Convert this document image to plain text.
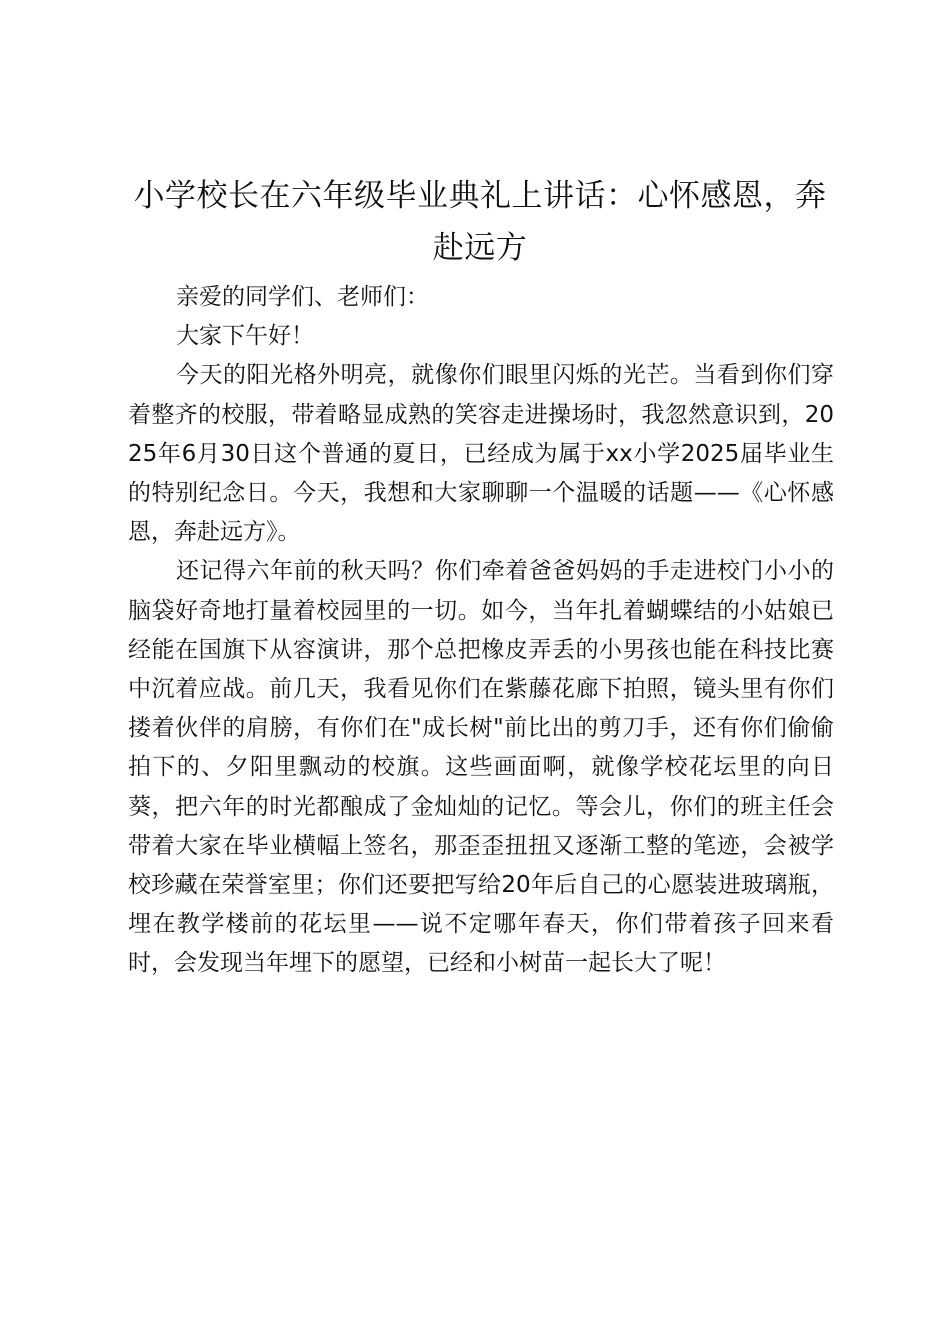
小学校长在六年级毕业典礼上讲话：心怀感恩，奔赴远方

亲爱的同学们、老师们：

大家下午好！

今天的阳光格外明亮，就像你们眼里闪烁的光芒。当看到你们穿着整齐的校服，带着略显成熟的笑容走进操场时，我忽然意识到，2025年6月30日这个普通的夏日，已经成为属于xx小学2025届毕业生的特别纪念日。今天，我想和大家聊聊一个温暖的话题——《心怀感恩，奔赴远方》。

还记得六年前的秋天吗？你们牵着爸爸妈妈的手走进校门小小的脑袋好奇地打量着校园里的一切。如今，当年扎着蝴蝶结的小姑娘已经能在国旗下从容演讲，那个总把橡皮弄丢的小男孩也能在科技比赛中沉着应战。前几天，我看见你们在紫藤花廊下拍照，镜头里有你们搂着伙伴的肩膀，有你们在"成长树"前比出的剪刀手，还有你们偷偷拍下的、夕阳里飘动的校旗。这些画面啊，就像学校花坛里的向日葵，把六年的时光都酿成了金灿灿的记忆。等会儿，你们的班主任会带着大家在毕业横幅上签名，那歪歪扭扭又逐渐工整的笔迹，会被学校珍藏在荣誉室里；你们还要把写给20年后自己的心愿装进玻璃瓶，埋在教学楼前的花坛里——说不定哪年春天，你们带着孩子回来看时，会发现当年埋下的愿望，已经和小树苗一起长大了呢！
